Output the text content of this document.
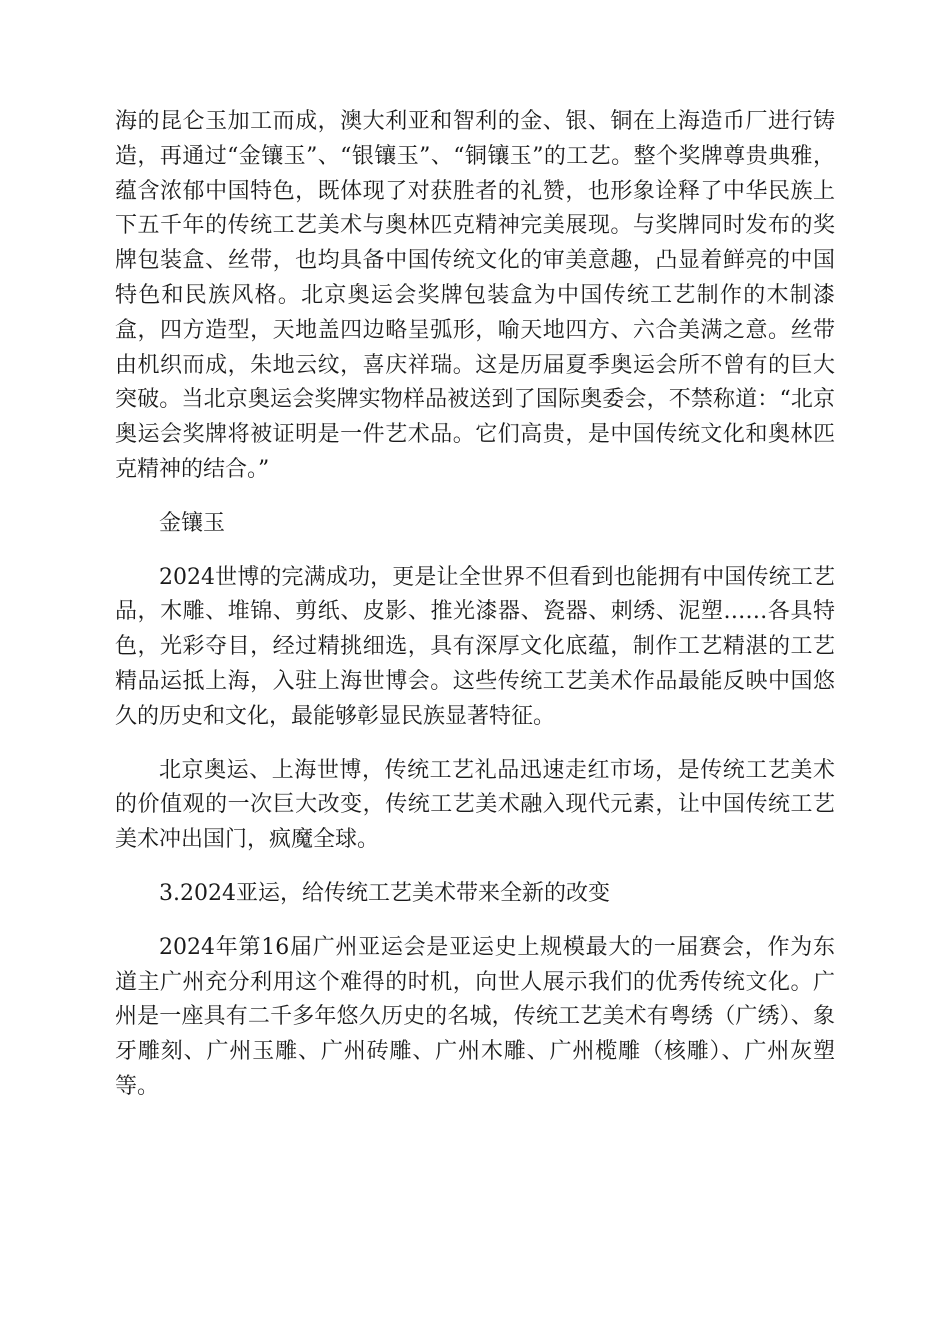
海的昆仑玉加工而成，澳大利亚和智利的金、银、铜在上海造币厂进行铸造，再通过“金镶玉”、“银镶玉”、“铜镶玉”的工艺。整个奖牌尊贵典雅，蕴含浓郁中国特色，既体现了对获胜者的礼赞，也形象诠释了中华民族上下五千年的传统工艺美术与奥林匹克精神完美展现。与奖牌同时发布的奖牌包装盒、丝带，也均具备中国传统文化的审美意趣，凸显着鲜亮的中国特色和民族风格。北京奥运会奖牌包装盒为中国传统工艺制作的木制漆盒，四方造型，天地盖四边略呈弧形，喻天地四方、六合美满之意。丝带由机织而成，朱地云纹，喜庆祥瑞。这是历届夏季奥运会所不曾有的巨大突破。当北京奥运会奖牌实物样品被送到了国际奥委会，不禁称道：“北京奥运会奖牌将被证明是一件艺术品。它们高贵，是中国传统文化和奥林匹克精神的结合。”

金镶玉

2024世博的完满成功，更是让全世界不但看到也能拥有中国传统工艺品，木雕、堆锦、剪纸、皮影、推光漆器、瓷器、刺绣、泥塑……各具特色，光彩夺目，经过精挑细选，具有深厚文化底蕴，制作工艺精湛的工艺精品运抵上海，入驻上海世博会。这些传统工艺美术作品最能反映中国悠久的历史和文化，最能够彰显民族显著特征。

北京奥运、上海世博，传统工艺礼品迅速走红市场，是传统工艺美术的价值观的一次巨大改变，传统工艺美术融入现代元素，让中国传统工艺美术冲出国门，疯魔全球。

3.2024亚运，给传统工艺美术带来全新的改变

2024年第16届广州亚运会是亚运史上规模最大的一届赛会，作为东道主广州充分利用这个难得的时机，向世人展示我们的优秀传统文化。广州是一座具有二千多年悠久历史的名城，传统工艺美术有粤绣（广绣）、象牙雕刻、广州玉雕、广州砖雕、广州木雕、广州榄雕（核雕）、广州灰塑等。
